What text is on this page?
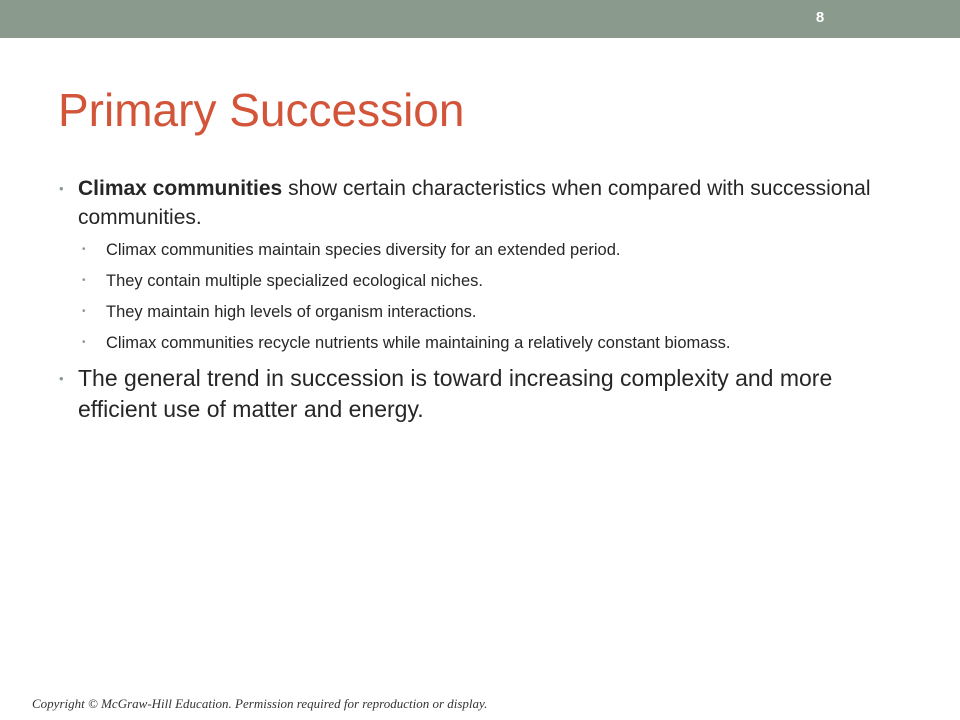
8
Primary Succession
• Climax communities show certain characteristics when compared with successional communities.
• Climax communities maintain species diversity for an extended period.
• They contain multiple specialized ecological niches.
• They maintain high levels of organism interactions.
• Climax communities recycle nutrients while maintaining a relatively constant biomass.
• The general trend in succession is toward increasing complexity and more efficient use of matter and energy.
Copyright © McGraw-Hill Education. Permission required for reproduction or display.
